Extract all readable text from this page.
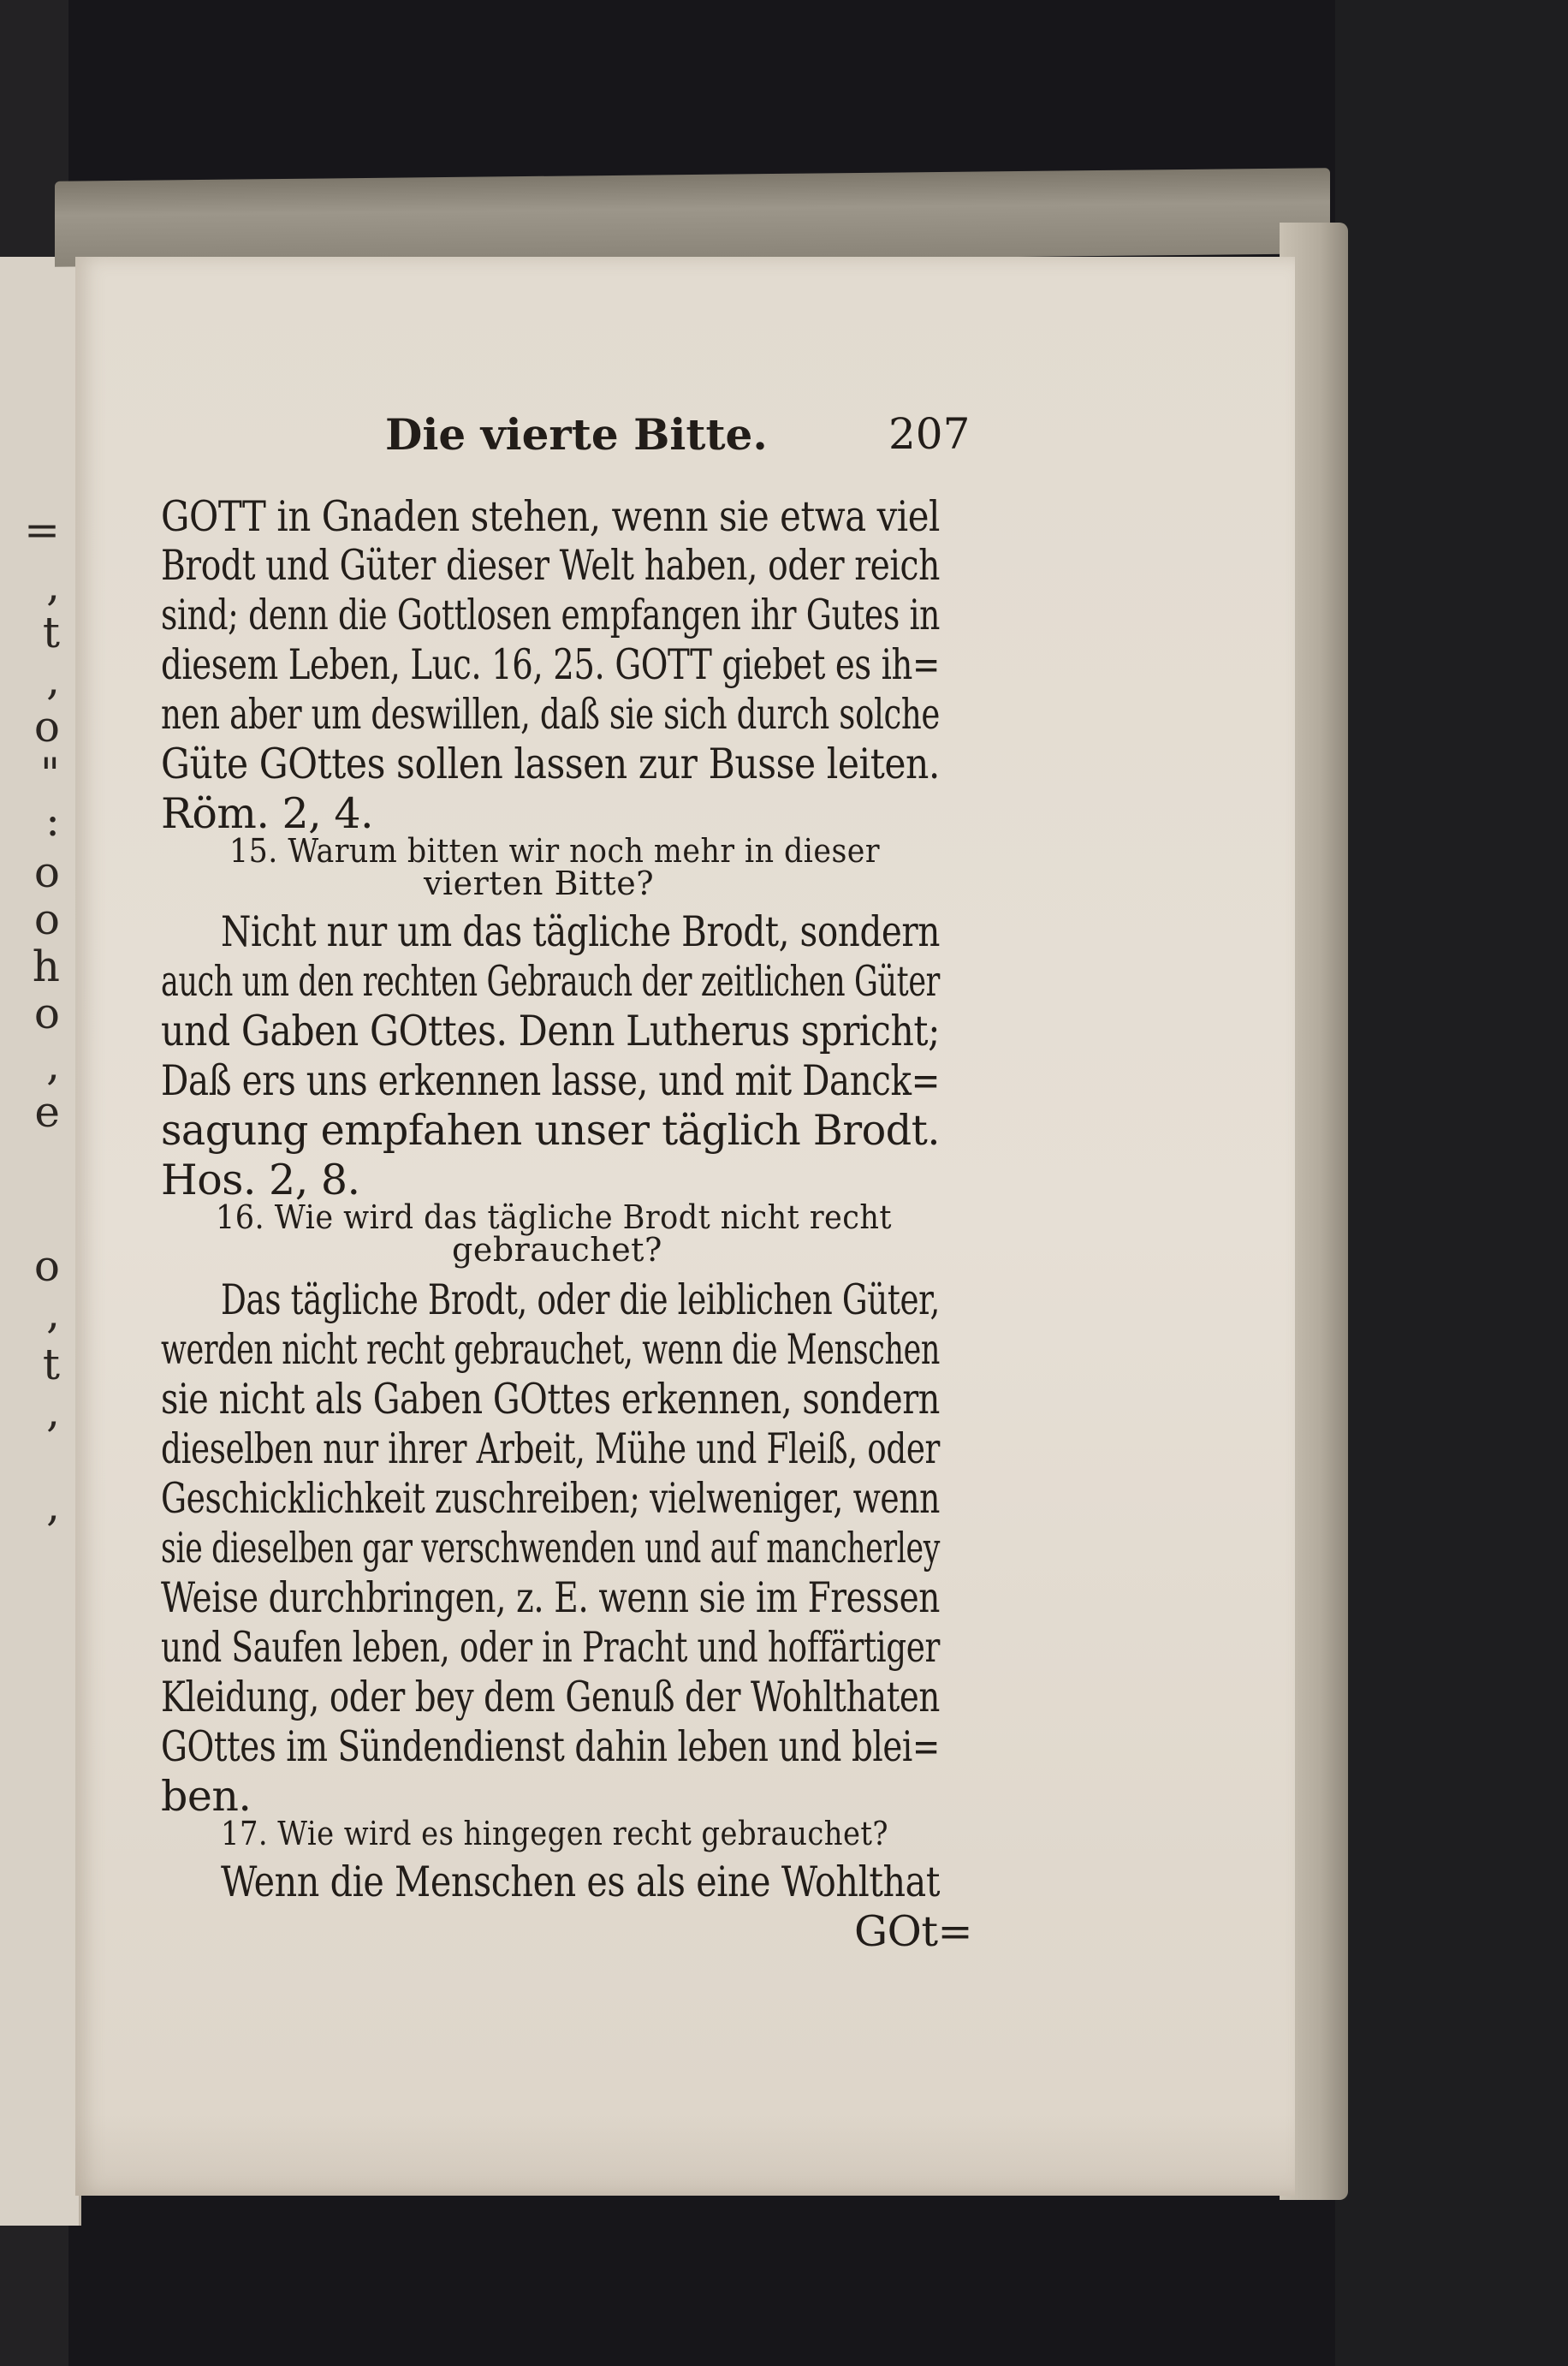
=
,
t
,
o
"
:
o
o
h
o
,
e
o
,
t
,
,
Die vierte Bitte.	207
GOTT in Gnaden stehen, wenn sie etwa viel
Brodt und Güter dieser Welt haben, oder reich
sind; denn die Gottlosen empfangen ihr Gutes in
diesem Leben, Luc. 16, 25. GOTT giebet es ih=
nen aber um deswillen, daß sie sich durch solche
Güte GOttes sollen lassen zur Busse leiten.
Röm. 2, 4.
15. Warum bitten wir noch mehr in dieser
vierten Bitte?
Nicht nur um das tägliche Brodt, sondern
auch um den rechten Gebrauch der zeitlichen Güter
und Gaben GOttes. Denn Lutherus spricht;
Daß ers uns erkennen lasse, und mit Danck=
sagung empfahen unser täglich Brodt.
Hos. 2, 8.
16. Wie wird das tägliche Brodt nicht recht
gebrauchet?
Das tägliche Brodt, oder die leiblichen Güter,
werden nicht recht gebrauchet, wenn die Menschen
sie nicht als Gaben GOttes erkennen, sondern
dieselben nur ihrer Arbeit, Mühe und Fleiß, oder
Geschicklichkeit zuschreiben; vielweniger, wenn
sie dieselben gar verschwenden und auf mancherley
Weise durchbringen, z. E. wenn sie im Fressen
und Saufen leben, oder in Pracht und hoffärtiger
Kleidung, oder bey dem Genuß der Wohlthaten
GOttes im Sündendienst dahin leben und blei=
ben.
17. Wie wird es hingegen recht gebrauchet?
Wenn die Menschen es als eine Wohlthat
GOt=
